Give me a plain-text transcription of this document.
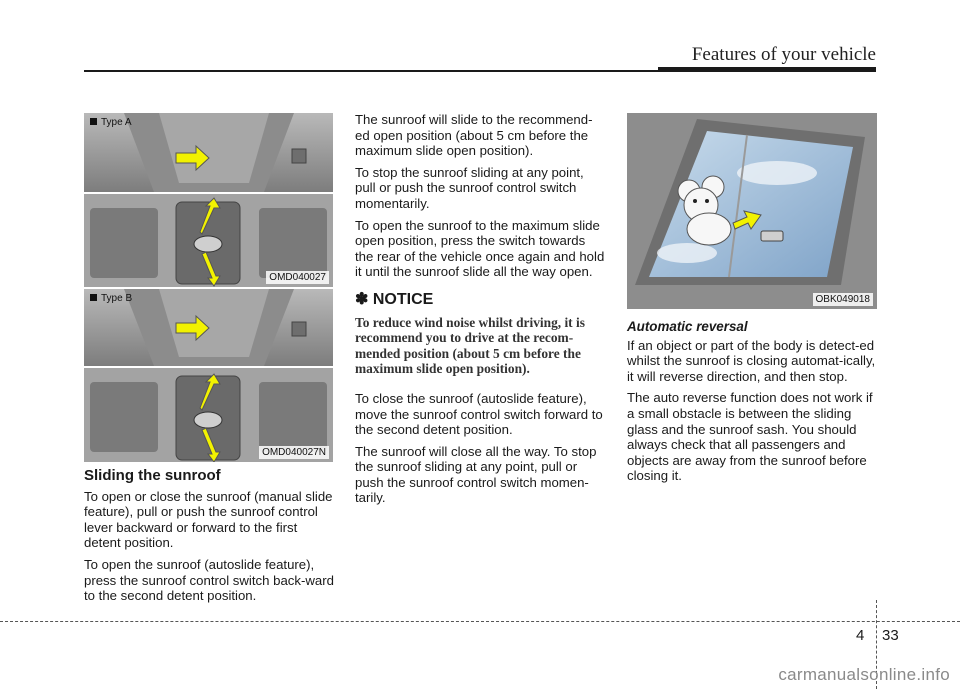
Features of your vehicle
Type A
OMD040027
Type B
OMD040027N
OBK049018
Sliding the sunroof

To open or close the sunroof (manual slide feature), pull or push the sunroof control lever backward or forward to the first detent position.

To open the sunroof (autoslide feature), press the sunroof control switch back-ward to the second detent position.

The sunroof will slide to the recommend-ed open position (about 5 cm before the maximum slide open position).

To stop the sunroof sliding at any point, pull or push the sunroof control switch momentarily.

To open the sunroof to the maximum slide open position, press the switch towards the rear of the vehicle once again and hold it until the sunroof slide all the way open.

✽ NOTICE
To reduce wind noise whilst driving, it is recommend you to drive at the recom-mended position (about 5 cm before the maximum slide open position).

To close the sunroof (autoslide feature), move the sunroof control switch forward to the second detent position.

The sunroof will close all the way. To stop the sunroof sliding at any point, pull or push the sunroof control switch momen-tarily.

Automatic reversal

If an object or part of the body is detect-ed whilst the sunroof is closing automat-ically, it will reverse direction, and then stop.

The auto reverse function does not work if a small obstacle is between the sliding glass and the sunroof sash. You should always check that all passengers and objects are away from the sunroof before closing it.

4 33
carmanualsonline.info
